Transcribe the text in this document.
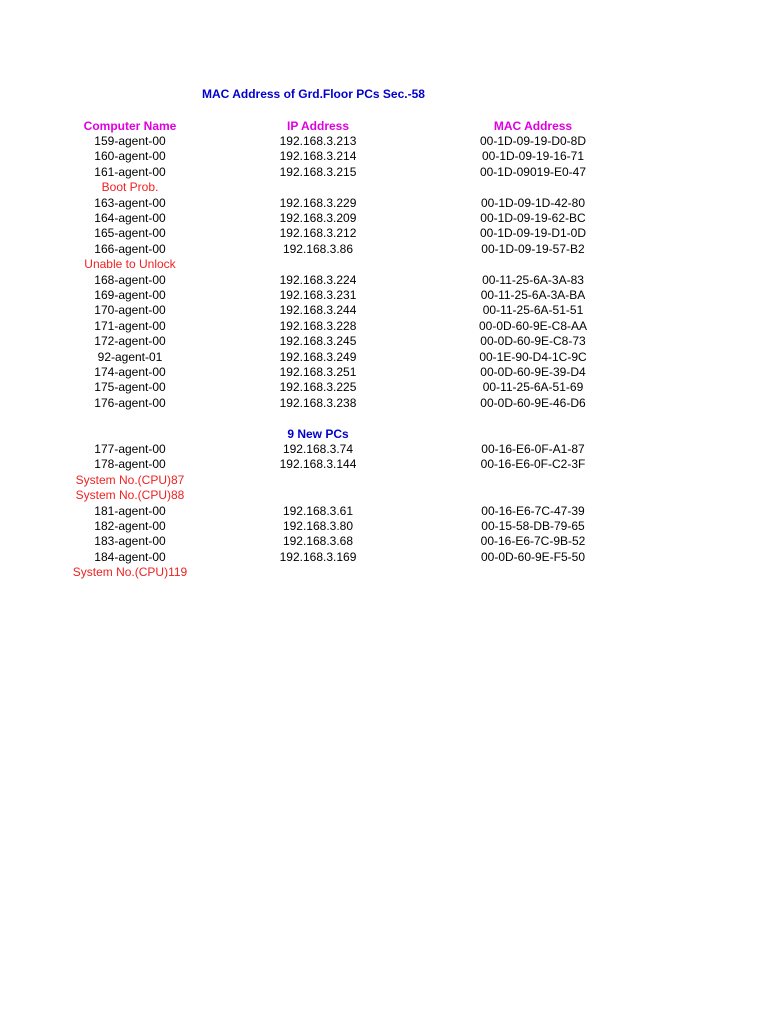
MAC Address of Grd.Floor PCs Sec.-58
Computer Name	IP Address	MAC Address
159-agent-00	192.168.3.213	00-1D-09-19-D0-8D
160-agent-00	192.168.3.214	00-1D-09-19-16-71
161-agent-00	192.168.3.215	00-1D-09019-E0-47
Boot Prob.
163-agent-00	192.168.3.229	00-1D-09-1D-42-80
164-agent-00	192.168.3.209	00-1D-09-19-62-BC
165-agent-00	192.168.3.212	00-1D-09-19-D1-0D
166-agent-00	192.168.3.86	00-1D-09-19-57-B2
Unable to Unlock
168-agent-00	192.168.3.224	00-11-25-6A-3A-83
169-agent-00	192.168.3.231	00-11-25-6A-3A-BA
170-agent-00	192.168.3.244	00-11-25-6A-51-51
171-agent-00	192.168.3.228	00-0D-60-9E-C8-AA
172-agent-00	192.168.3.245	00-0D-60-9E-C8-73
92-agent-01	192.168.3.249	00-1E-90-D4-1C-9C
174-agent-00	192.168.3.251	00-0D-60-9E-39-D4
175-agent-00	192.168.3.225	00-11-25-6A-51-69
176-agent-00	192.168.3.238	00-0D-60-9E-46-D6
9 New PCs
177-agent-00	192.168.3.74	00-16-E6-0F-A1-87
178-agent-00	192.168.3.144	00-16-E6-0F-C2-3F
System No.(CPU)87
System No.(CPU)88
181-agent-00	192.168.3.61	00-16-E6-7C-47-39
182-agent-00	192.168.3.80	00-15-58-DB-79-65
183-agent-00	192.168.3.68	00-16-E6-7C-9B-52
184-agent-00	192.168.3.169	00-0D-60-9E-F5-50
System No.(CPU)119
